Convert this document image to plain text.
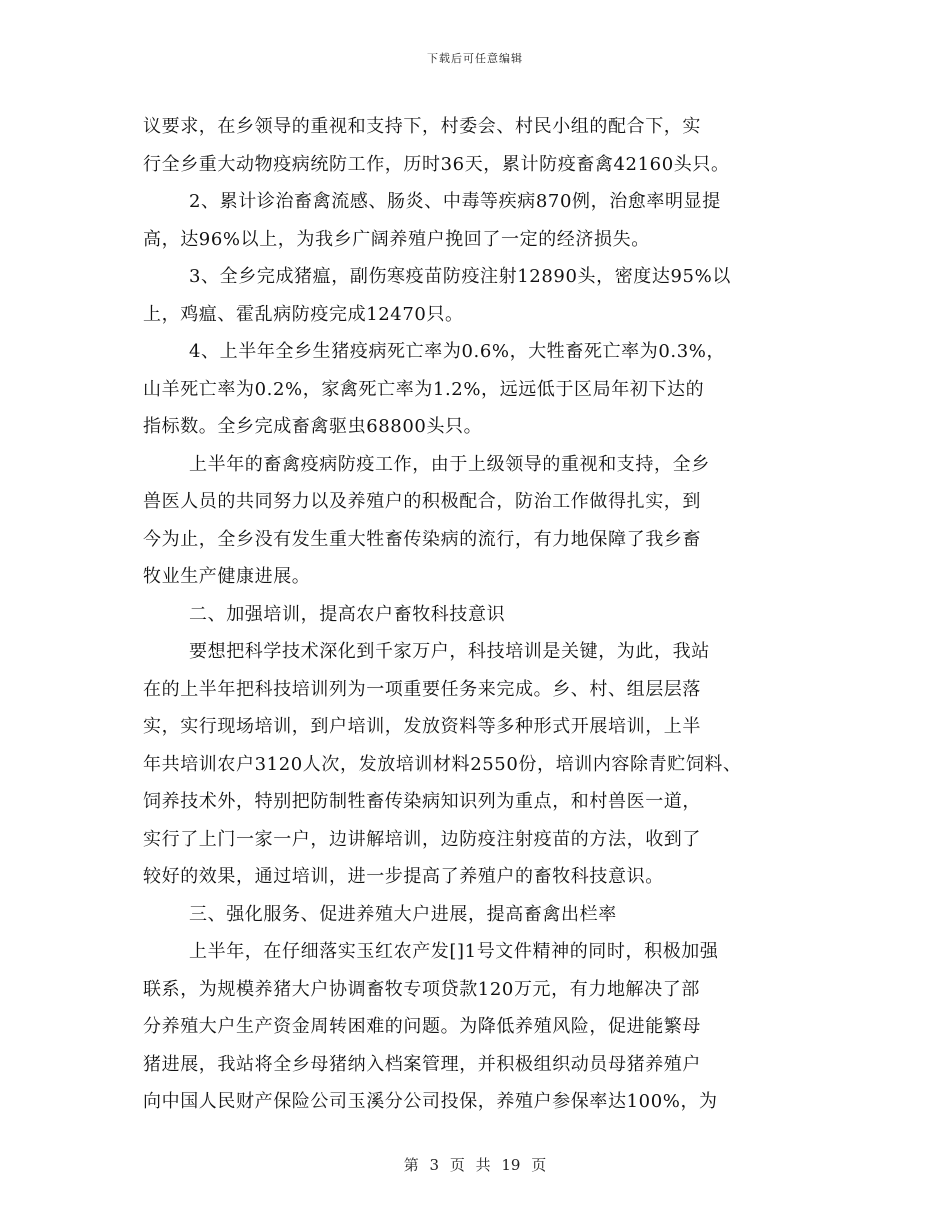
下载后可任意编辑
议要求，在乡领导的重视和支持下，村委会、村民小组的配合下，实
行全乡重大动物疫病统防工作，历时36天，累计防疫畜禽42160头只。
2、累计诊治畜禽流感、肠炎、中毒等疾病870例，治愈率明显提
高，达96%以上，为我乡广阔养殖户挽回了一定的经济损失。
3、全乡完成猪瘟，副伤寒疫苗防疫注射12890头，密度达95%以
上，鸡瘟、霍乱病防疫完成12470只。
4、上半年全乡生猪疫病死亡率为0.6%，大牲畜死亡率为0.3%，
山羊死亡率为0.2%，家禽死亡率为1.2%，远远低于区局年初下达的
指标数。全乡完成畜禽驱虫68800头只。
上半年的畜禽疫病防疫工作，由于上级领导的重视和支持，全乡
兽医人员的共同努力以及养殖户的积极配合，防治工作做得扎实，到
今为止，全乡没有发生重大牲畜传染病的流行，有力地保障了我乡畜
牧业生产健康进展。
二、加强培训，提高农户畜牧科技意识
要想把科学技术深化到千家万户，科技培训是关键，为此，我站
在的上半年把科技培训列为一项重要任务来完成。乡、村、组层层落
实，实行现场培训，到户培训，发放资料等多种形式开展培训，上半
年共培训农户3120人次，发放培训材料2550份，培训内容除青贮饲料、
饲养技术外，特别把防制牲畜传染病知识列为重点，和村兽医一道，
实行了上门一家一户，边讲解培训，边防疫注射疫苗的方法，收到了
较好的效果，通过培训，进一步提高了养殖户的畜牧科技意识。
三、强化服务、促进养殖大户进展，提高畜禽出栏率
上半年，在仔细落实玉红农产发[]1号文件精神的同时，积极加强
联系，为规模养猪大户协调畜牧专项贷款120万元，有力地解决了部
分养殖大户生产资金周转困难的问题。为降低养殖风险，促进能繁母
猪进展，我站将全乡母猪纳入档案管理，并积极组织动员母猪养殖户
向中国人民财产保险公司玉溪分公司投保，养殖户参保率达100%，为
第 3 页 共 19 页
